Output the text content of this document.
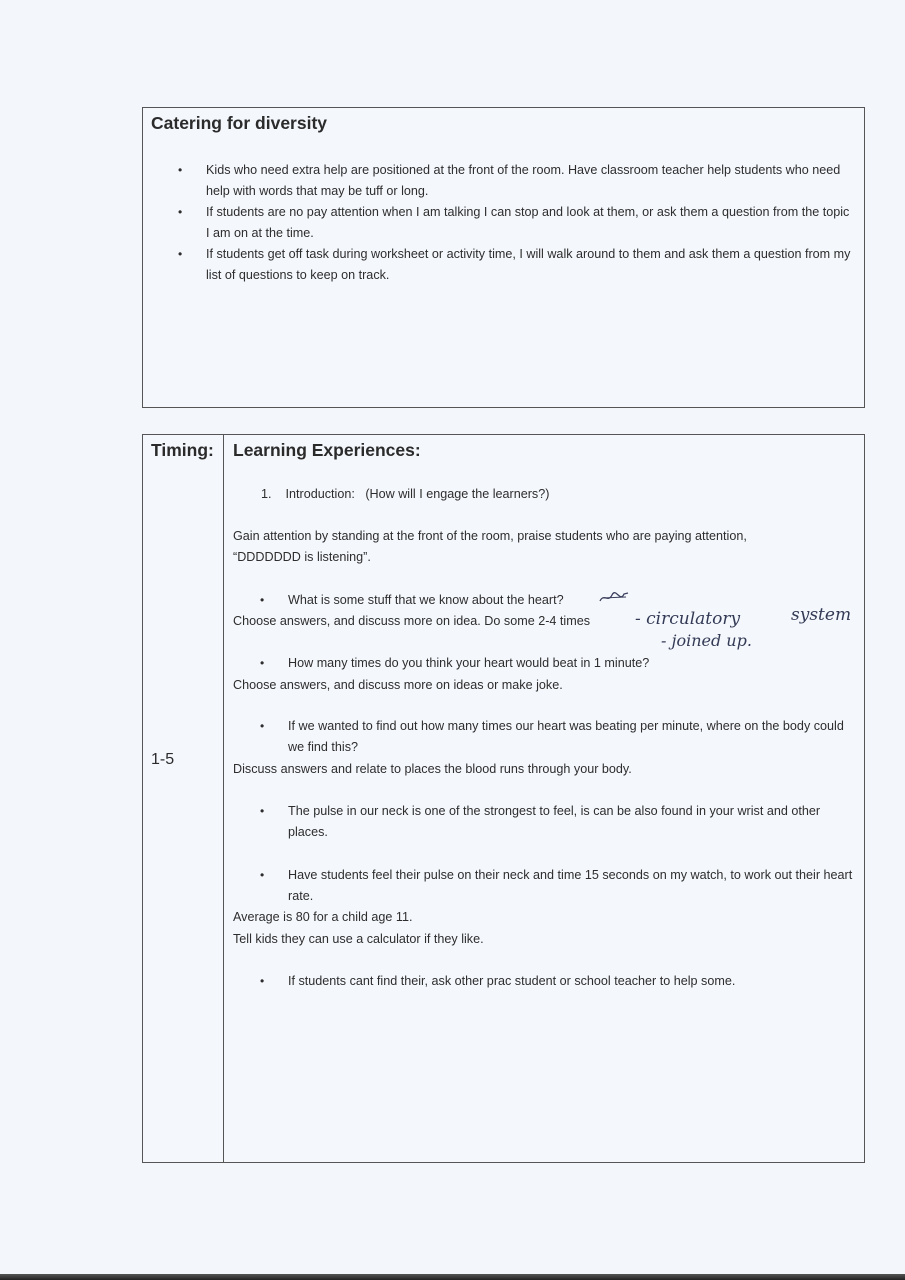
Catering for diversity
• Kids who need extra help are positioned at the front of the room. Have classroom teacher help students who need help with words that may be tuff or long.
• If students are no pay attention when I am talking I can stop and look at them, or ask them a question from the topic I am on at the time.
• If students get off task during worksheet or activity time, I will walk around to them and ask them a question from my list of questions to keep on track.
Timing: Learning Experiences:
1-5
1. Introduction: (How will I engage the learners?)
Gain attention by standing at the front of the room, praise students who are paying attention,
“DDDDDDD is listening”.
• What is some stuff that we know about the heart?
Choose answers, and discuss more on idea. Do some 2-4 times	- circulatory	system
- joined up.
• How many times do you think your heart would beat in 1 minute?
Choose answers, and discuss more on ideas or make joke.
• If we wanted to find out how many times our heart was beating per minute, where on the body could we find this?
Discuss answers and relate to places the blood runs through your body.
• The pulse in our neck is one of the strongest to feel, is can be also found in your wrist and other places.
• Have students feel their pulse on their neck and time 15 seconds on my watch, to work out their heart rate.
Average is 80 for a child age 11.
Tell kids they can use a calculator if they like.
• If students cant find their, ask other prac student or school teacher to help some.
